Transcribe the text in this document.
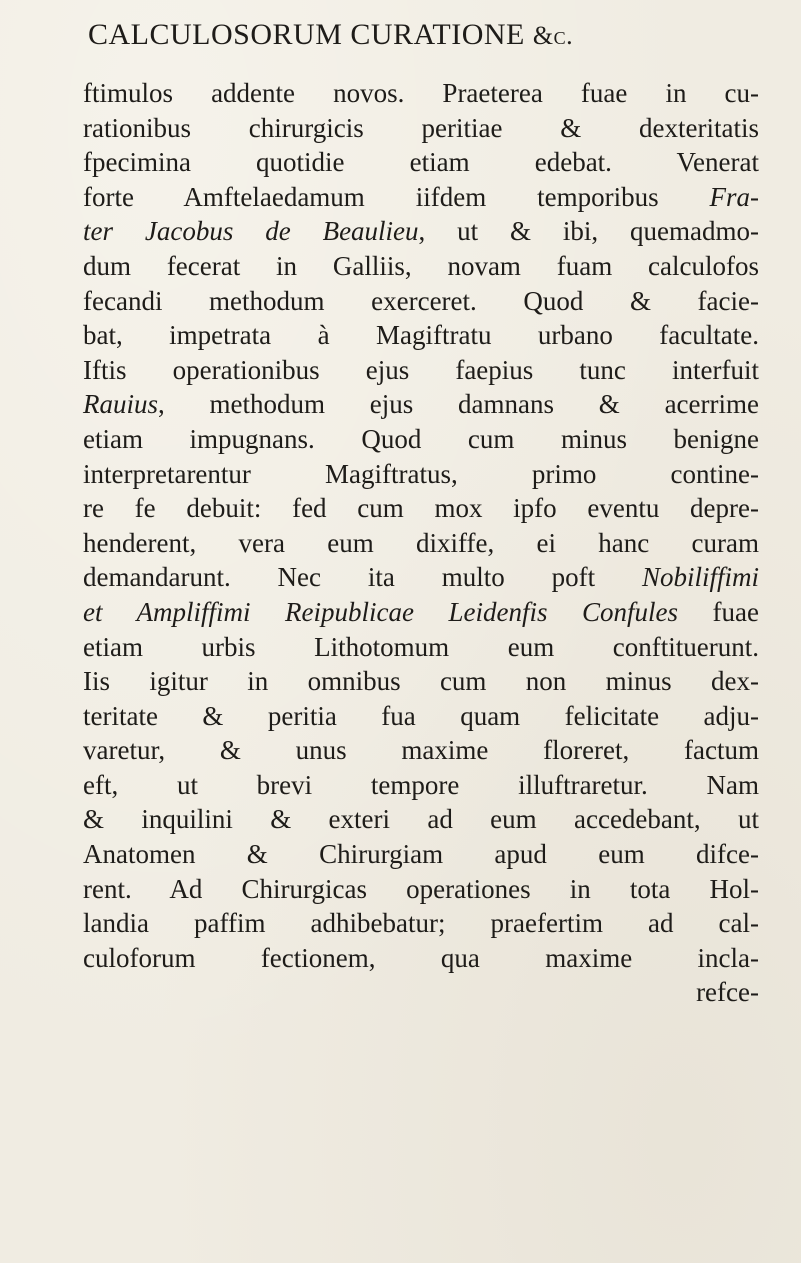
CALCULOSORUM CURATIONE &c.
ftimulos addente novos. Praeterea fuae in cu-
rationibus chirurgicis peritiae & dexteritatis
fpecimina quotidie etiam edebat. Venerat
forte Amftelaedamum iifdem temporibus Fra-
ter Jacobus de Beaulieu, ut & ibi, quemadmo-
dum fecerat in Galliis, novam fuam calculofos
fecandi methodum exerceret. Quod & facie-
bat, impetrata à Magiftratu urbano facultate.
Iftis operationibus ejus faepius tunc interfuit
Rauius, methodum ejus damnans & acerrime
etiam impugnans. Quod cum minus benigne
interpretarentur Magiftratus, primo contine-
re fe debuit: fed cum mox ipfo eventu depre-
henderent, vera eum dixiffe, ei hanc curam
demandarunt. Nec ita multo poft Nobiliffimi
et Ampliffimi Reipublicae Leidenfis Confules fuae
etiam urbis Lithotomum eum conftituerunt.
Iis igitur in omnibus cum non minus dex-
teritate & peritia fua quam felicitate adju-
varetur, & unus maxime floreret, factum
eft, ut brevi tempore illuftraretur. Nam
& inquilini & exteri ad eum accedebant, ut
Anatomen & Chirurgiam apud eum difce-
rent. Ad Chirurgicas operationes in tota Hol-
landia paffim adhibebatur; praefertim ad cal-
culoforum fectionem, qua maxime incla-
refce-
